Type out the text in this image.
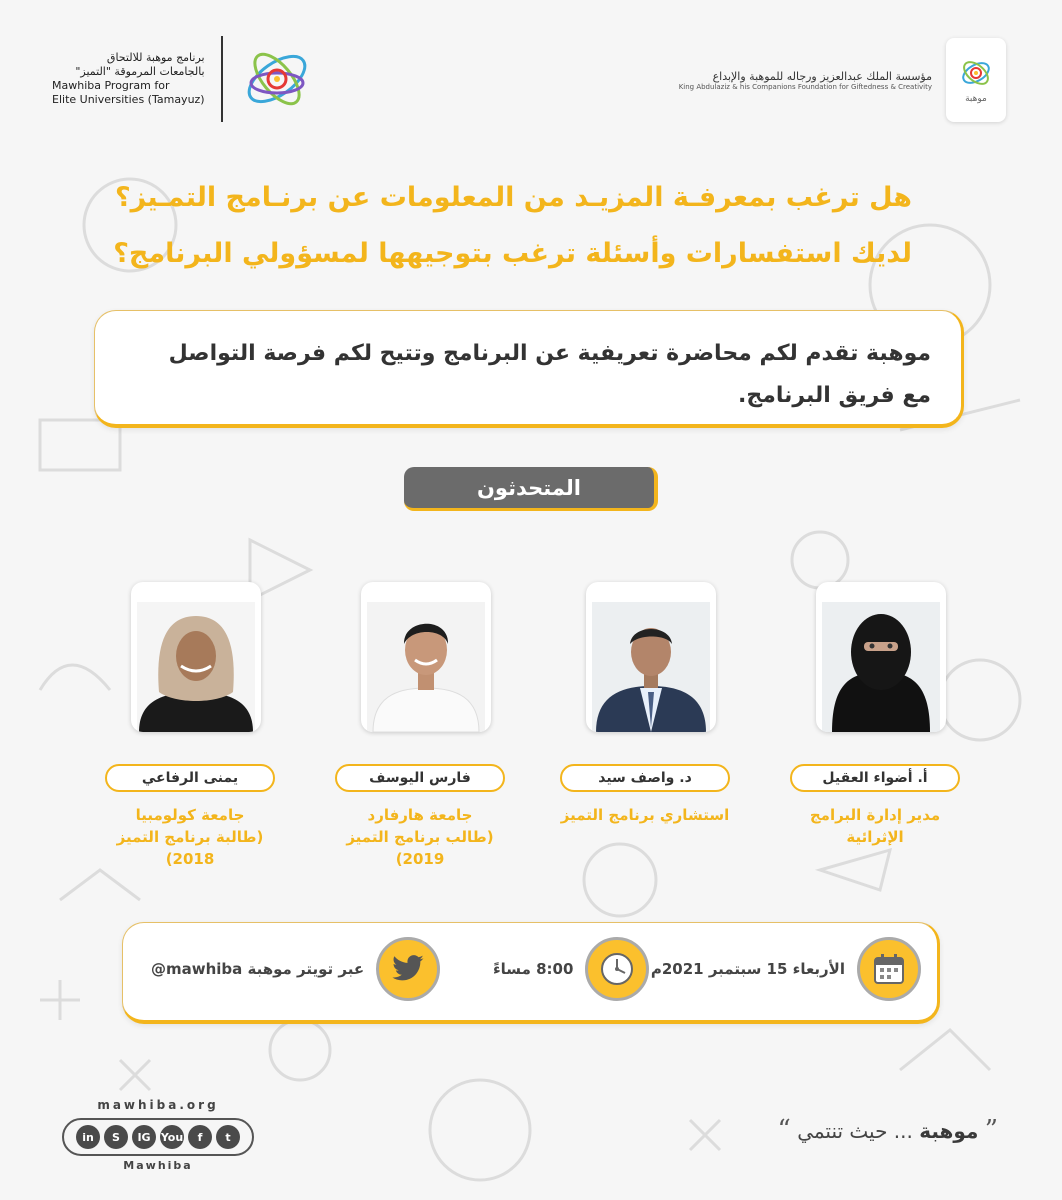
مؤسسة الملك عبدالعزيز ورجاله للموهبة والإبداع
King Abdulaziz & his Companions Foundation for Giftedness & Creativity
موهبة
برنامج موهبة للالتحاق
بالجامعات المرموقة "التميز"
Mawhiba Program for
Elite Universities (Tamayuz)
هل ترغب بمعرفـة المزيـد من المعلومات عن برنـامج التمـيز؟
لديك استفسارات وأسئلة ترغب بتوجيهها لمسؤولي البرنامج؟

موهبة تقدم لكم محاضرة تعريفية عن البرنامج وتتيح لكم فرصة التواصل

مع فريق البرنامج.

المتحدثون
أ. أضواء العقيل
مدير إدارة البرامج الإثرائية
د. واصف سيد
استشاري برنامج التميز
فارس اليوسف
جامعة هارفارد
(طالب برنامج التميز 2019)
يمنى الرفاعي
جامعة كولومبيا
(طالبة برنامج التميز 2018)
الأربعاء 15 سبتمبر 2021م
8:00 مساءً
عبر تويتر موهبة mawhiba@
mawhiba.org
in	S	IG You	f	t
Mawhiba
” موهبة ... حيث تنتمي “
